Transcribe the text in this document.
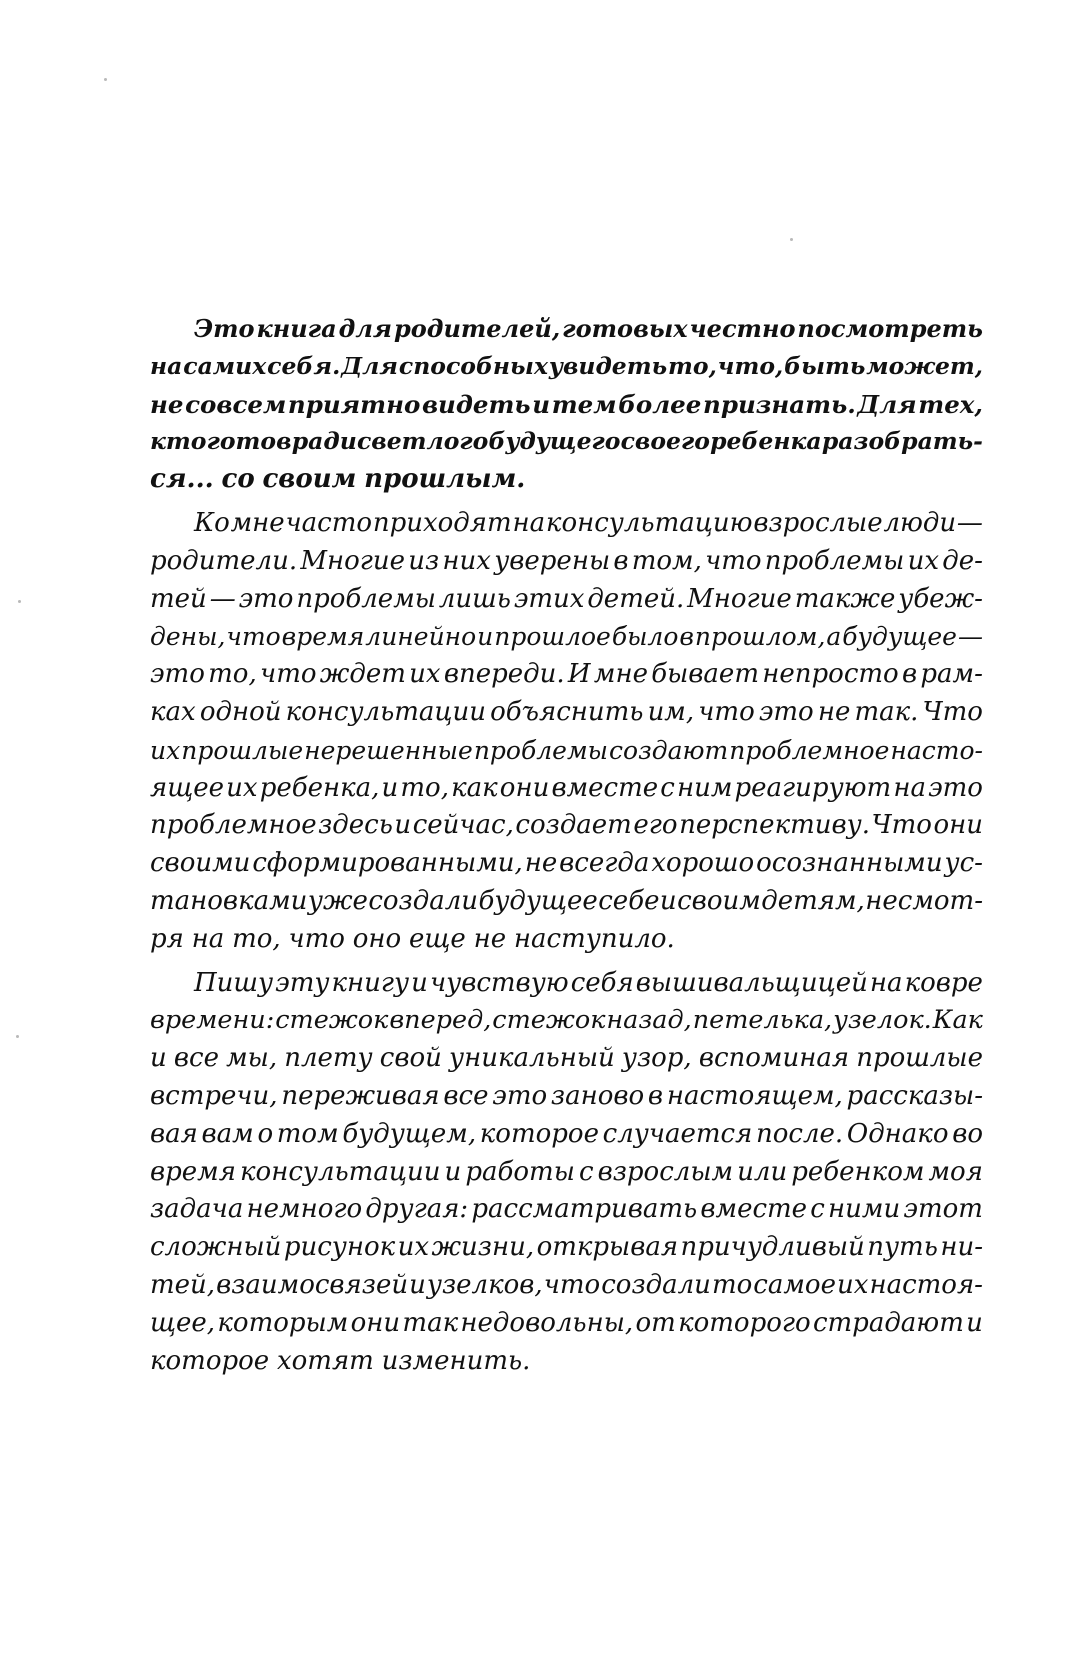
Это книга для родителей, готовых честно посмотреть
на самих себя. Для способных увидеть то, что, быть может,
не совсем приятно видеть и тем более признать. Для тех,
кто готов ради светлого будущего своего ребенка разобрать-
ся... со своим прошлым.
Ко мне часто приходят на консультацию взрослые люди —
родители. Многие из них уверены в том, что проблемы их де-
тей — это проблемы лишь этих детей. Многие также убеж-
дены, что время линейно и прошлое было в прошлом, а будущее —
это то, что ждет их впереди. И мне бывает непросто в рам-
ках одной консультации объяснить им, что это не так. Что
их прошлые нерешенные проблемы создают проблемное насто-
ящее их ребенка, и то, как они вместе с ним реагируют на это
проблемное здесь и сейчас, создает его перспективу. Что они
своими сформированными, не всегда хорошо осознанными ус-
тановками уже создали будущее себе и своим детям, несмот-
ря на то, что оно еще не наступило.
Пишу эту книгу и чувствую себя вышивальщицей на ковре
времени: стежок вперед, стежок назад, петелька, узелок. Как
и все мы, плету свой уникальный узор, вспоминая прошлые
встречи, переживая все это заново в настоящем, рассказы-
вая вам о том будущем, которое случается после. Однако во
время консультации и работы с взрослым или ребенком моя
задача немного другая: рассматривать вместе с ними этот
сложный рисунок их жизни, открывая причудливый путь ни-
тей, взаимосвязей и узелков, что создали то самое их настоя-
щее, которым они так недовольны, от которого страдают и
которое хотят изменить.
